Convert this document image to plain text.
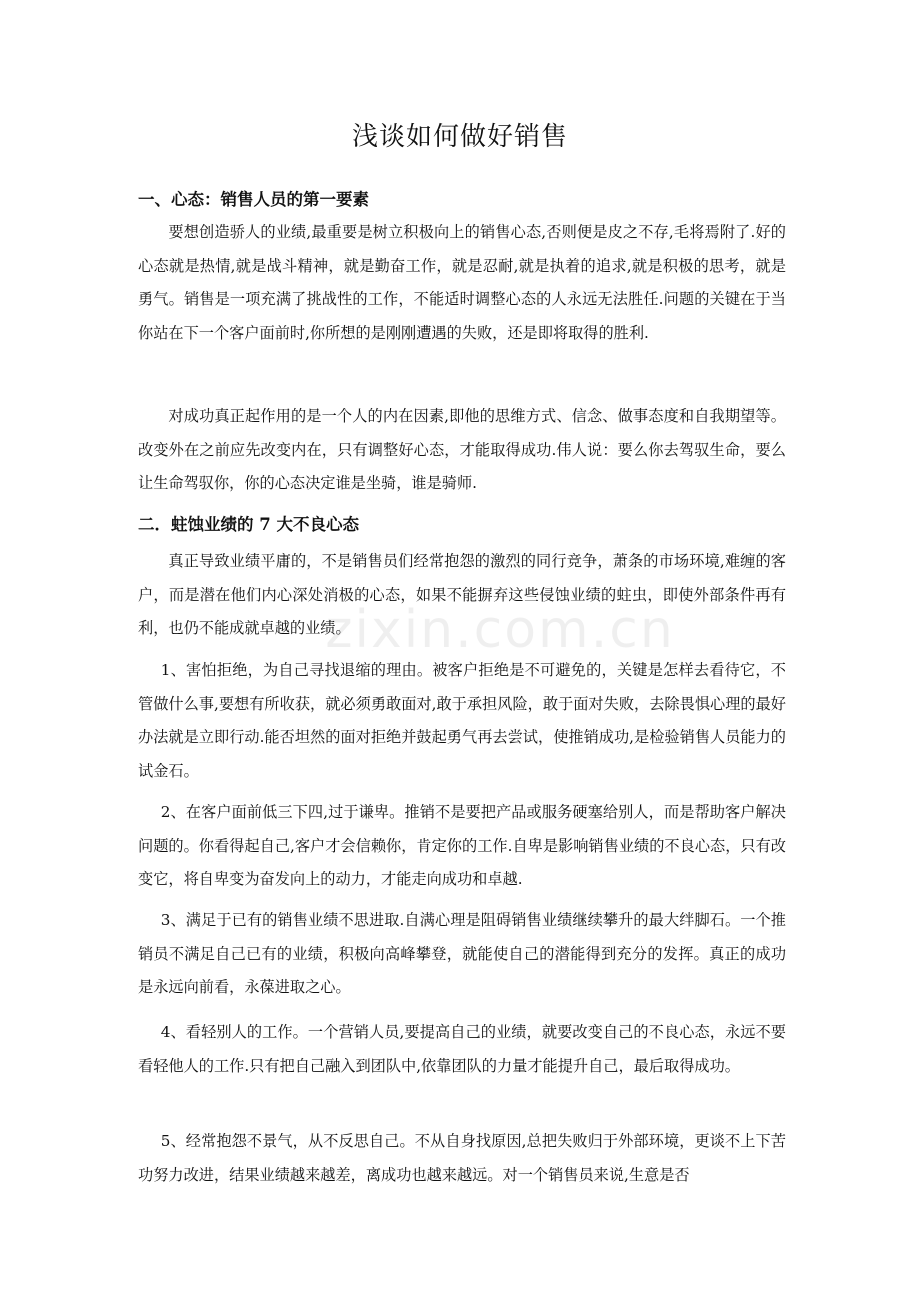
浅谈如何做好销售
一、心态：销售人员的第一要素

要想创造骄人的业绩,最重要是树立积极向上的销售心态,否则便是皮之不存,毛将焉附了.好的心态就是热情,就是战斗精神，就是勤奋工作，就是忍耐,就是执着的追求,就是积极的思考，就是勇气。销售是一项充满了挑战性的工作，不能适时调整心态的人永远无法胜任.问题的关键在于当你站在下一个客户面前时,你所想的是刚刚遭遇的失败，还是即将取得的胜利.

对成功真正起作用的是一个人的内在因素,即他的思维方式、信念、做事态度和自我期望等。改变外在之前应先改变内在，只有调整好心态，才能取得成功.伟人说：要么你去驾驭生命，要么让生命驾驭你，你的心态决定谁是坐骑，谁是骑师.

二．蛀蚀业绩的 7 大不良心态

真正导致业绩平庸的，不是销售员们经常抱怨的激烈的同行竞争，萧条的市场环境,难缠的客户，而是潜在他们内心深处消极的心态，如果不能摒弃这些侵蚀业绩的蛀虫，即使外部条件再有利，也仍不能成就卓越的业绩。

1、害怕拒绝，为自己寻找退缩的理由。被客户拒绝是不可避免的，关键是怎样去看待它，不管做什么事,要想有所收获，就必须勇敢面对,敢于承担风险，敢于面对失败，去除畏惧心理的最好办法就是立即行动.能否坦然的面对拒绝并鼓起勇气再去尝试，使推销成功,是检验销售人员能力的试金石。

2、在客户面前低三下四,过于谦卑。推销不是要把产品或服务硬塞给别人，而是帮助客户解决问题的。你看得起自己,客户才会信赖你，肯定你的工作.自卑是影响销售业绩的不良心态，只有改变它，将自卑变为奋发向上的动力，才能走向成功和卓越.

3、满足于已有的销售业绩不思进取.自满心理是阻碍销售业绩继续攀升的最大绊脚石。一个推销员不满足自己已有的业绩，积极向高峰攀登，就能使自己的潜能得到充分的发挥。真正的成功是永远向前看，永葆进取之心。

4、看轻别人的工作。一个营销人员,要提高自己的业绩，就要改变自己的不良心态，永远不要看轻他人的工作.只有把自己融入到团队中,依靠团队的力量才能提升自己，最后取得成功。

5、经常抱怨不景气，从不反思自己。不从自身找原因,总把失败归于外部环境，更谈不上下苦功努力改进，结果业绩越来越差，离成功也越来越远。对一个销售员来说,生意是否

zixin.com.cn
